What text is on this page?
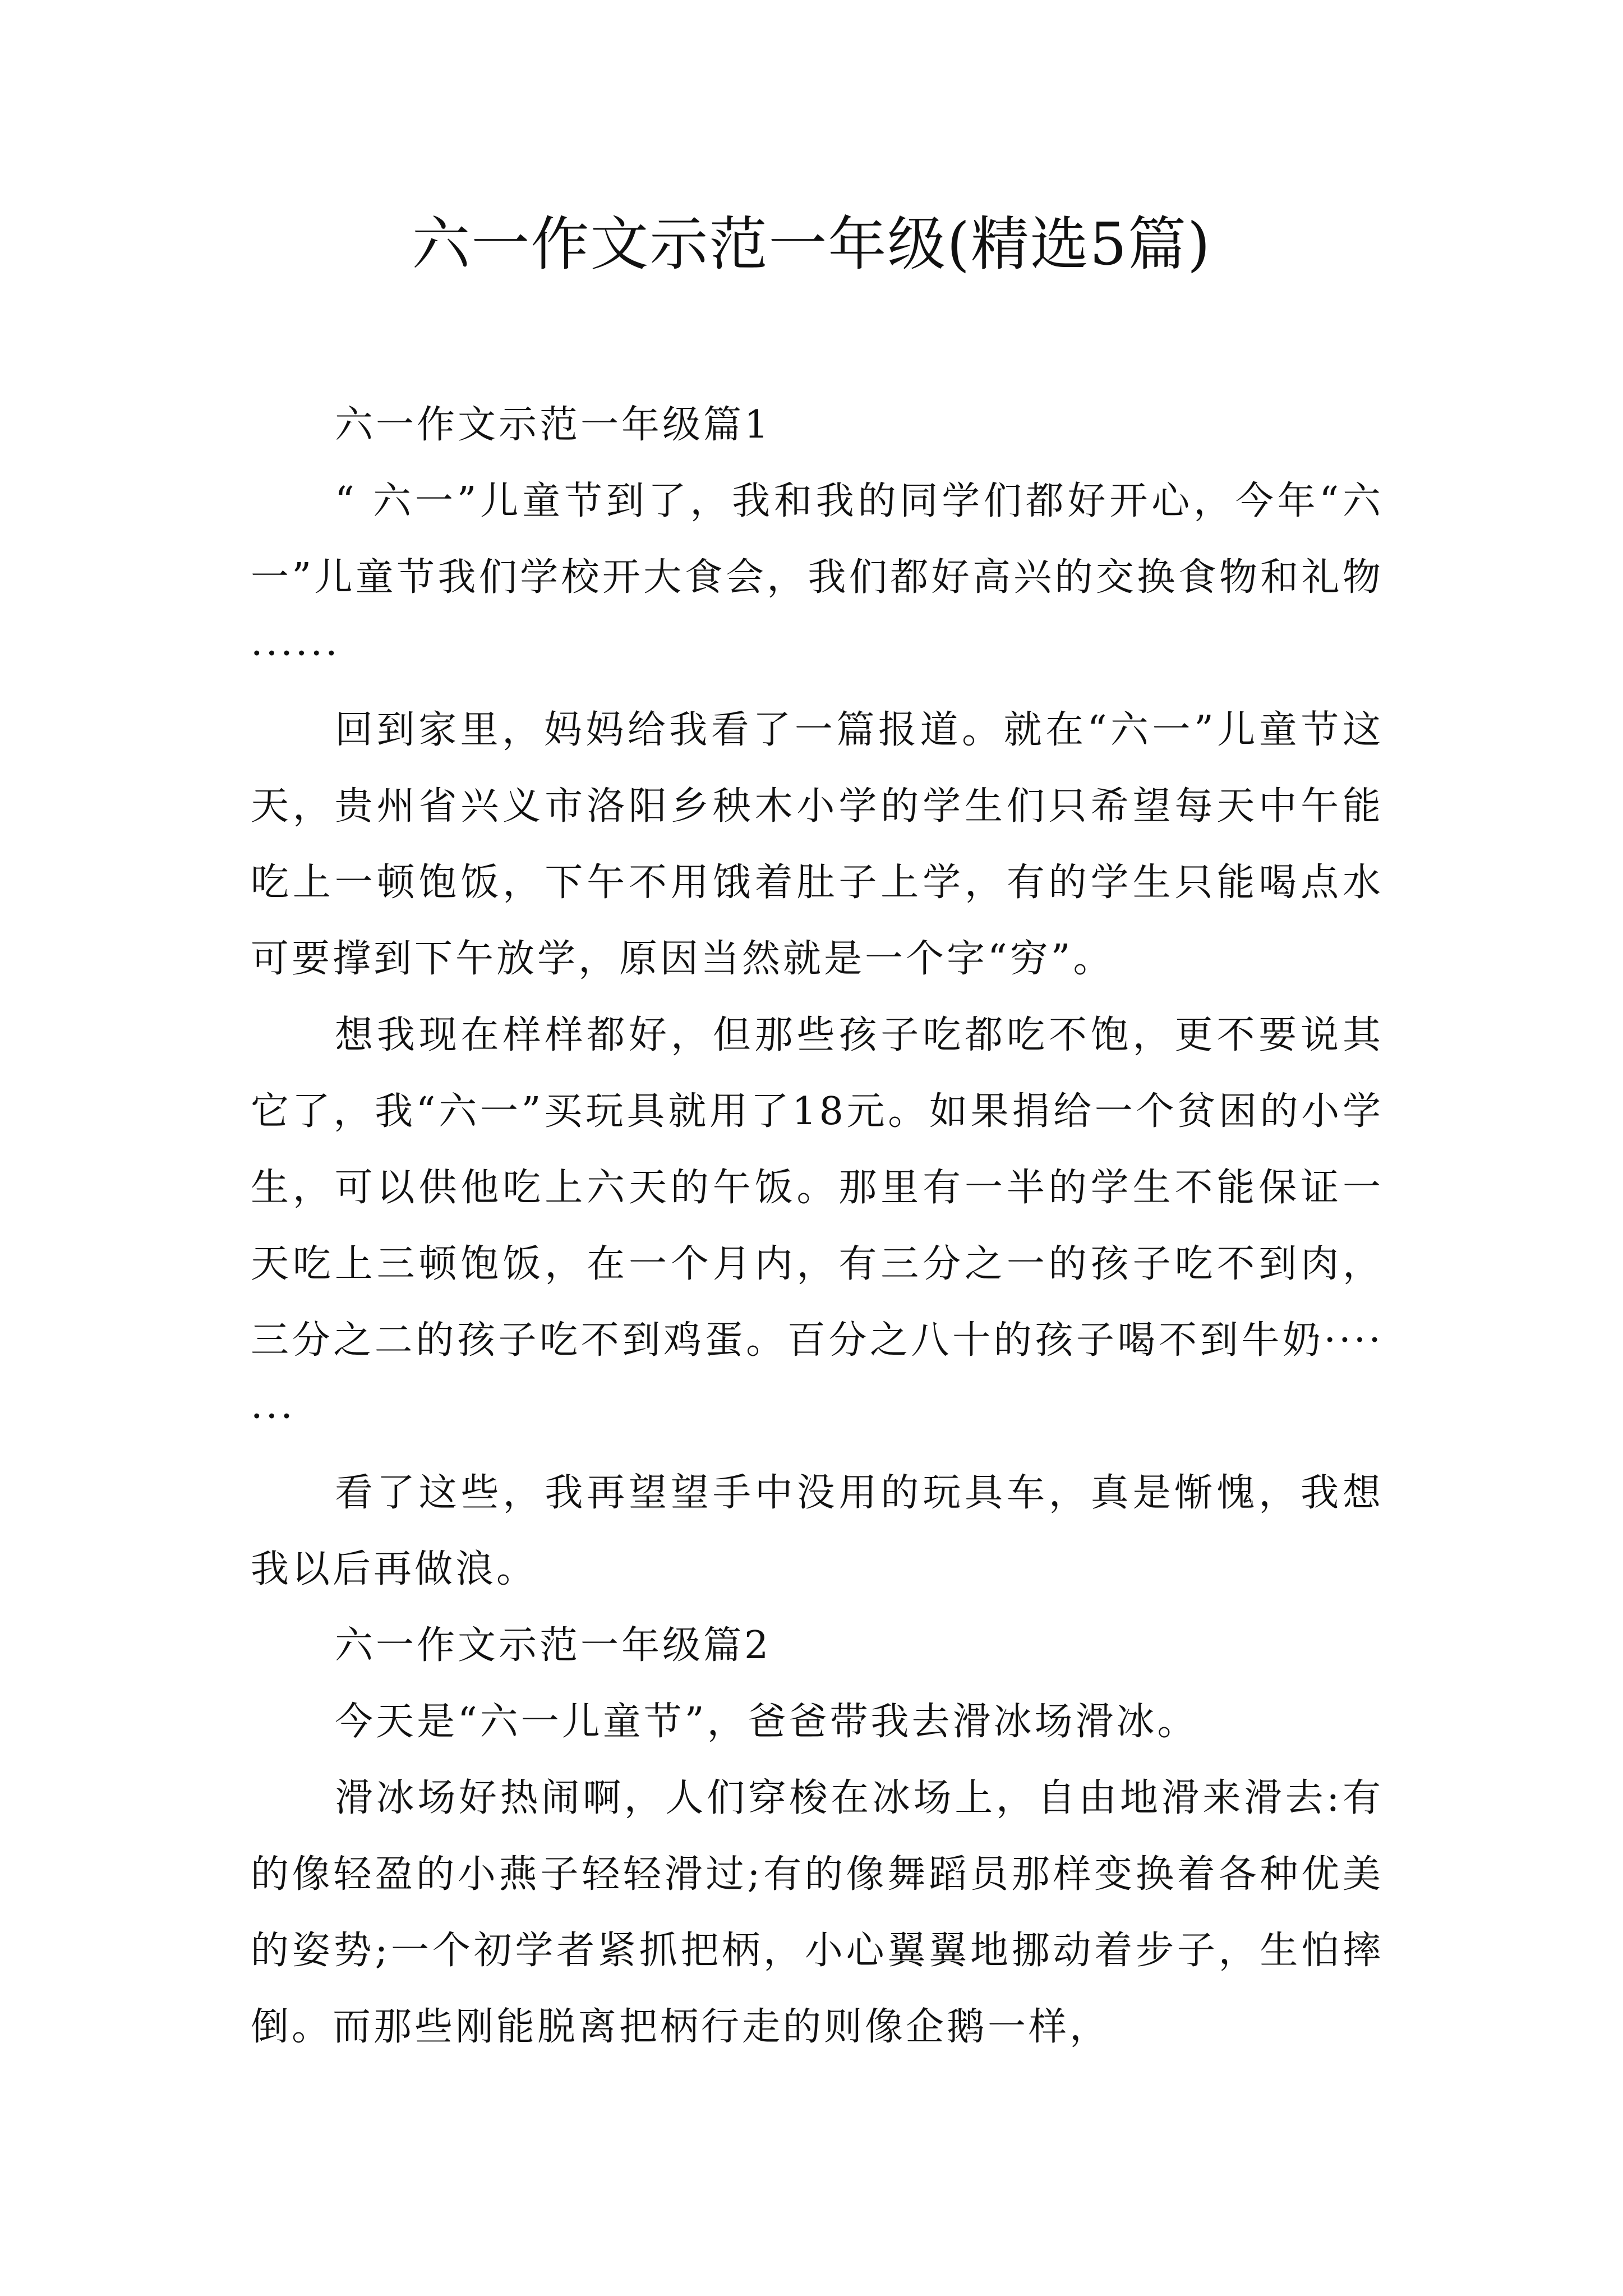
六一作文示范一年级(精选5篇)

六一作文示范一年级篇1

“ 六一”儿童节到了，我和我的同学们都好开心，今年“六一”儿童节我们学校开大食会，我们都好高兴的交换食物和礼物······

回到家里，妈妈给我看了一篇报道。就在“六一”儿童节这天，贵州省兴义市洛阳乡秧木小学的学生们只希望每天中午能吃上一顿饱饭，下午不用饿着肚子上学，有的学生只能喝点水可要撑到下午放学，原因当然就是一个字“穷”。

想我现在样样都好，但那些孩子吃都吃不饱，更不要说其它了，我“六一”买玩具就用了18元。如果捐给一个贫困的小学生，可以供他吃上六天的午饭。那里有一半的学生不能保证一天吃上三顿饱饭，在一个月内，有三分之一的孩子吃不到肉，三分之二的孩子吃不到鸡蛋。百分之八十的孩子喝不到牛奶·······

看了这些，我再望望手中没用的玩具车，真是惭愧，我想我以后再做浪。

六一作文示范一年级篇2

今天是“六一儿童节”，爸爸带我去滑冰场滑冰。

滑冰场好热闹啊，人们穿梭在冰场上，自由地滑来滑去:有的像轻盈的小燕子轻轻滑过;有的像舞蹈员那样变换着各种优美的姿势;一个初学者紧抓把柄，小心翼翼地挪动着步子，生怕摔倒。而那些刚能脱离把柄行走的则像企鹅一样，
